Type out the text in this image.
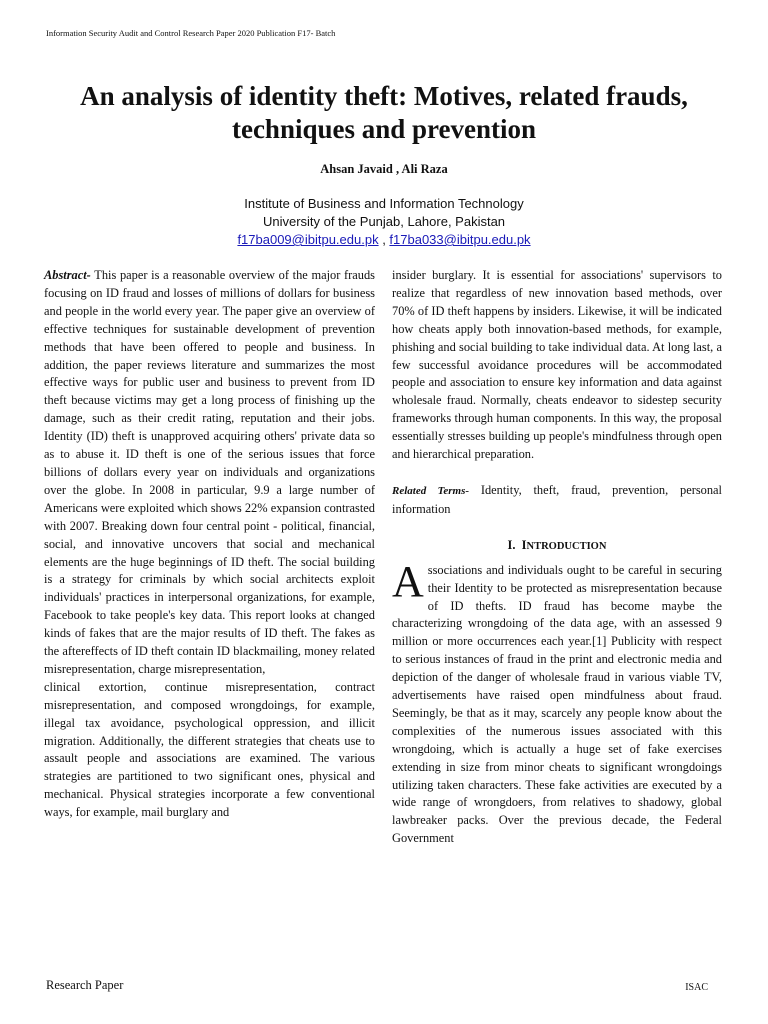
Information Security Audit and Control Research Paper 2020 Publication F17- Batch
An analysis of identity theft: Motives, related frauds, techniques and prevention
Ahsan Javaid , Ali Raza
Institute of Business and Information Technology
University of the Punjab, Lahore, Pakistan
f17ba009@ibitpu.edu.pk , f17ba033@ibitpu.edu.pk

Abstract- This paper is a reasonable overview of the major frauds focusing on ID fraud and losses of millions of dollars for business and people in the world every year. The paper give an overview of effective techniques for sustainable development of prevention methods that have been offered to people and business. In addition, the paper reviews literature and summarizes the most effective ways for public user and business to prevent from ID theft because victims may get a long process of finishing up the damage, such as their credit rating, reputation and their jobs. Identity (ID) theft is unapproved acquiring others' private data so as to abuse it. ID theft is one of the serious issues that force billions of dollars every year on individuals and organizations over the globe. In 2008 in particular, 9.9 a large number of Americans were exploited which shows 22% expansion contrasted with 2007. Breaking down four central point - political, financial, social, and innovative uncovers that social and mechanical elements are the huge beginnings of ID theft. The social building is a strategy for criminals by which social architects exploit individuals' practices in interpersonal organizations, for example, Facebook to take people's key data. This report looks at changed kinds of fakes that are the major results of ID theft. The fakes as the aftereffects of ID theft contain ID blackmailing, money related misrepresentation, charge misrepresentation,

clinical extortion, continue misrepresentation, contract misrepresentation, and composed wrongdoings, for example, illegal tax avoidance, psychological oppression, and illicit migration. Additionally, the different strategies that cheats use to assault people and associations are examined. The various strategies are partitioned to two significant ones, physical and mechanical. Physical strategies incorporate a few conventional ways, for example, mail burglary and

insider burglary. It is essential for associations' supervisors to realize that regardless of new innovation based methods, over 70% of ID theft happens by insiders. Likewise, it will be indicated how cheats apply both innovation-based methods, for example, phishing and social building to take individual data. At long last, a few successful avoidance procedures will be accommodated people and association to ensure key information and data against wholesale fraud. Normally, cheats endeavor to sidestep security frameworks through human components. In this way, the proposal essentially stresses building up people's mindfulness through open and hierarchical preparation.

Related Terms- Identity, theft, fraud, prevention, personal information

I. INTRODUCTION

Associations and individuals ought to be careful in securing their Identity to be protected as misrepresentation because of ID thefts. ID fraud has become maybe the characterizing wrongdoing of the data age, with an assessed 9 million or more occurrences each year.[1] Publicity with respect to serious instances of fraud in the print and electronic media and depiction of the danger of wholesale fraud in various viable TV, advertisements have raised open mindfulness about fraud. Seemingly, be that as it may, scarcely any people know about the complexities of the numerous issues associated with this wrongdoing, which is actually a huge set of fake exercises extending in size from minor cheats to significant wrongdoings utilizing taken characters. These fake activities are executed by a wide range of wrongdoers, from relatives to shadowy, global lawbreaker packs. Over the previous decade, the Federal Government

Research Paper	ISAC
